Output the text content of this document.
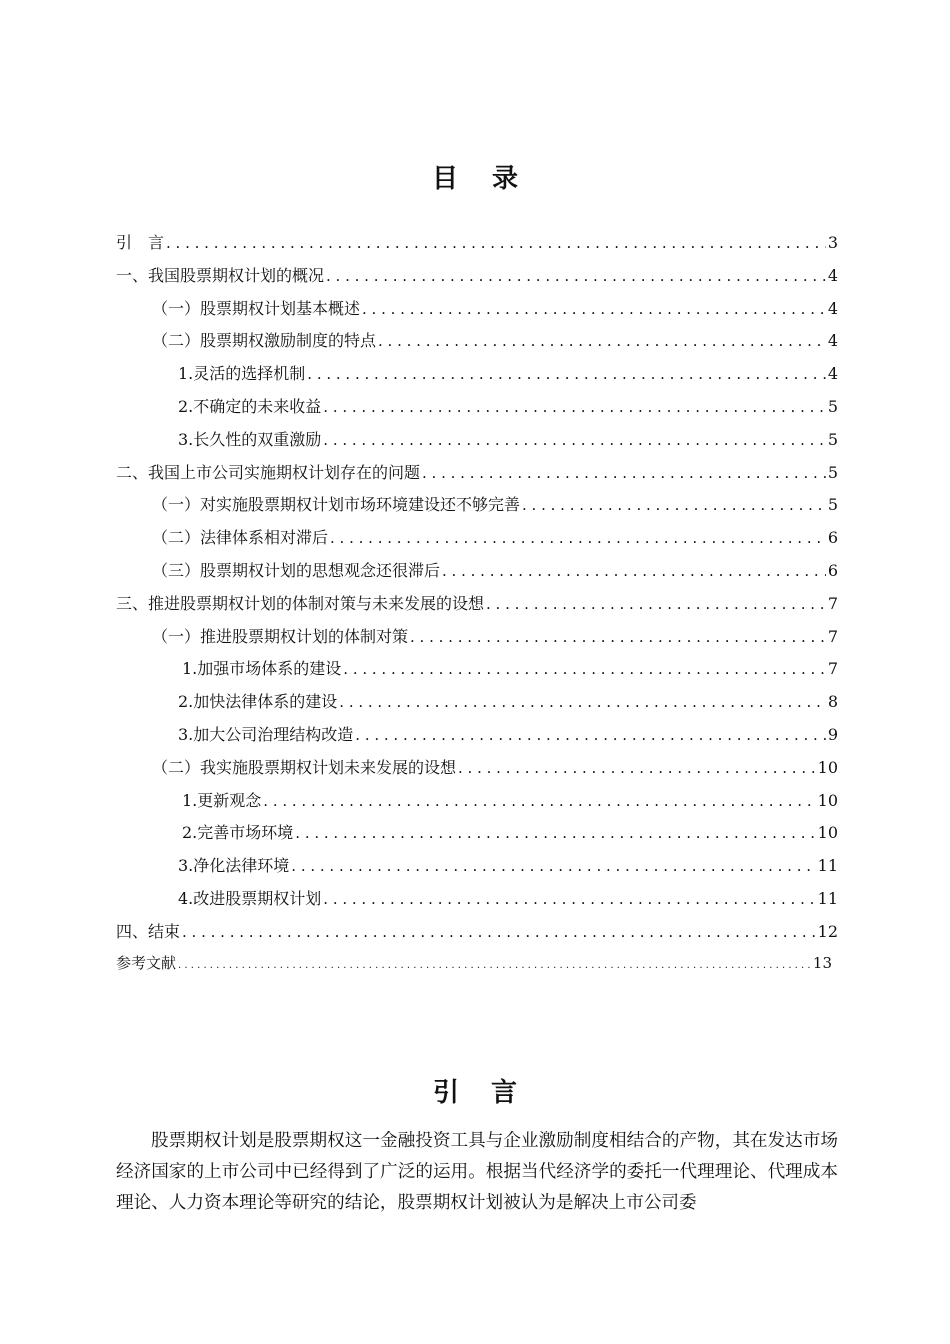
目 录
引　言 . . .	3
一、我国股票期权计划的概况 . . .	4
（一）股票期权计划基本概述 . . .	4
（二）股票期权激励制度的特点 . . .	4
1.灵活的选择机制 . . .	4
2.不确定的未来收益 . . .	5
3.长久性的双重激励 . . .	5
二、我国上市公司实施期权计划存在的问题 . . .	5
（一）对实施股票期权计划市场环境建设还不够完善 . . .	5
（二）法律体系相对滞后 . . .	6
（三）股票期权计划的思想观念还很滞后 . . .	6
三、推进股票期权计划的体制对策与未来发展的设想 . . .	7
（一）推进股票期权计划的体制对策 . . .	7
1.加强市场体系的建设 . . .	7
2.加快法律体系的建设 . . .	8
3.加大公司治理结构改造 . . .	9
（二）我实施股票期权计划未来发展的设想 . . .	10
1.更新观念 . . .	10
2.完善市场环境 . . .	10
3.净化法律环境 . . .	11
4.改进股票期权计划 . . .	11
四、结束 . . .	12
参考文献 . . .	13
引 言
股票期权计划是股票期权这一金融投资工具与企业激励制度相结合的产物，其在发达市场经济国家的上市公司中已经得到了广泛的运用。根据当代经济学的委托一代理理论、代理成本理论、人力资本理论等研究的结论，股票期权计划被认为是解决上市公司委
